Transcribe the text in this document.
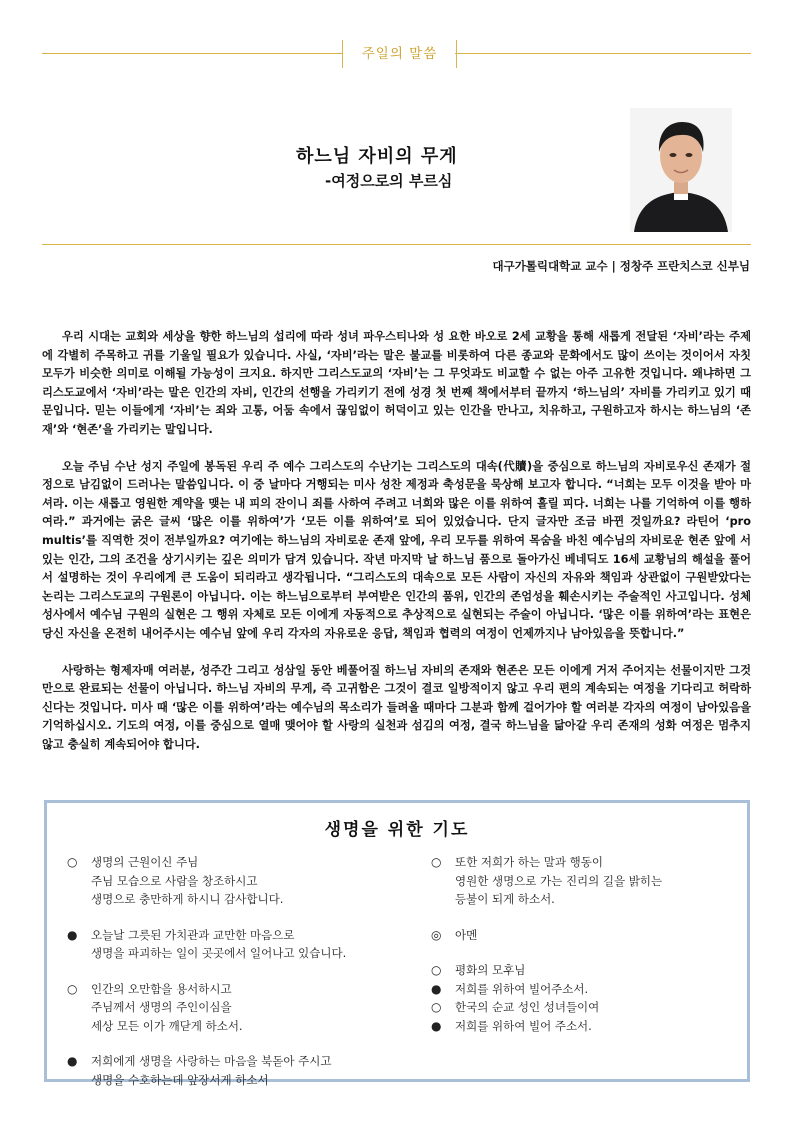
주일의 말씀
하느님 자비의 무게
-여정으로의 부르심
대구가톨릭대학교 교수 | 정창주 프란치스코 신부님

우리 시대는 교회와 세상을 향한 하느님의 섭리에 따라 성녀 파우스티나와 성 요한 바오로 2세 교황을 통해 새롭게 전달된 ‘자비’라는 주제에 각별히 주목하고 귀를 기울일 필요가 있습니다. 사실, ‘자비’라는 말은 불교를 비롯하여 다른 종교와 문화에서도 많이 쓰이는 것이어서 자칫 모두가 비슷한 의미로 이해될 가능성이 크지요. 하지만 그리스도교의 ‘자비’는 그 무엇과도 비교할 수 없는 아주 고유한 것입니다. 왜냐하면 그리스도교에서 ‘자비’라는 말은 인간의 자비, 인간의 선행을 가리키기 전에 성경 첫 번째 책에서부터 끝까지 ‘하느님의’ 자비를 가리키고 있기 때문입니다. 믿는 이들에게 ‘자비’는 죄와 고통, 어둠 속에서 끊임없이 허덕이고 있는 인간을 만나고, 치유하고, 구원하고자 하시는 하느님의 ‘존재’와 ‘현존’을 가리키는 말입니다.

오늘 주님 수난 성지 주일에 봉독된 우리 주 예수 그리스도의 수난기는 그리스도의 대속(代贖)을 중심으로 하느님의 자비로우신 존재가 절정으로 남김없이 드러나는 말씀입니다. 이 중 날마다 거행되는 미사 성찬 제정과 축성문을 묵상해 보고자 합니다. “너희는 모두 이것을 받아 마셔라. 이는 새롭고 영원한 계약을 맺는 내 피의 잔이니 죄를 사하여 주려고 너희와 많은 이를 위하여 흘릴 피다. 너희는 나를 기억하여 이를 행하여라.” 과거에는 굵은 글씨 ‘많은 이를 위하여’가 ‘모든 이를 위하여’로 되어 있었습니다. 단지 글자만 조금 바뀐 것일까요? 라틴어 ‘pro multis’를 직역한 것이 전부일까요? 여기에는 하느님의 자비로운 존재 앞에, 우리 모두를 위하여 목숨을 바친 예수님의 자비로운 현존 앞에 서 있는 인간, 그의 조건을 상기시키는 깊은 의미가 담겨 있습니다. 작년 마지막 날 하느님 품으로 돌아가신 베네딕도 16세 교황님의 해설을 풀어서 설명하는 것이 우리에게 큰 도움이 되리라고 생각됩니다. “그리스도의 대속으로 모든 사람이 자신의 자유와 책임과 상관없이 구원받았다는 논리는 그리스도교의 구원론이 아닙니다. 이는 하느님으로부터 부여받은 인간의 품위, 인간의 존엄성을 훼손시키는 주술적인 사고입니다. 성체성사에서 예수님 구원의 실현은 그 행위 자체로 모든 이에게 자동적으로 추상적으로 실현되는 주술이 아닙니다. ‘많은 이를 위하여’라는 표현은 당신 자신을 온전히 내어주시는 예수님 앞에 우리 각자의 자유로운 응답, 책임과 협력의 여정이 언제까지나 남아있음을 뜻합니다.”

사랑하는 형제자매 여러분, 성주간 그리고 성삼일 동안 베풀어질 하느님 자비의 존재와 현존은 모든 이에게 거저 주어지는 선물이지만 그것만으로 완료되는 선물이 아닙니다. 하느님 자비의 무게, 즉 고귀함은 그것이 결코 일방적이지 않고 우리 편의 계속되는 여정을 기다리고 허락하신다는 것입니다. 미사 때 ‘많은 이를 위하여’라는 예수님의 목소리가 들려올 때마다 그분과 함께 걸어가야 할 여러분 각자의 여정이 남아있음을 기억하십시오. 기도의 여정, 이를 중심으로 열매 맺어야 할 사랑의 실천과 섬김의 여정, 결국 하느님을 닮아갈 우리 존재의 성화 여정은 멈추지 않고 충실히 계속되어야 합니다.

생명을 위한 기도
○	생명의 근원이신 주님
주님 모습으로 사람을 창조하시고
생명으로 충만하게 하시니 감사합니다.
●	오늘날 그릇된 가치관과 교만한 마음으로
생명을 파괴하는 일이 곳곳에서 일어나고 있습니다.
○	인간의 오만함을 용서하시고
주님께서 생명의 주인이심을
세상 모든 이가 깨닫게 하소서.
●	저희에게 생명을 사랑하는 마음을 북돋아 주시고
생명을 수호하는데 앞장서게 하소서
○	또한 저희가 하는 말과 행동이
영원한 생명으로 가는 진리의 길을 밝히는
등불이 되게 하소서.
◎	아멘
○	평화의 모후님
●	저희를 위하여 빌어주소서.
○	한국의 순교 성인 성녀들이여
●	저희를 위하여 빌어 주소서.
